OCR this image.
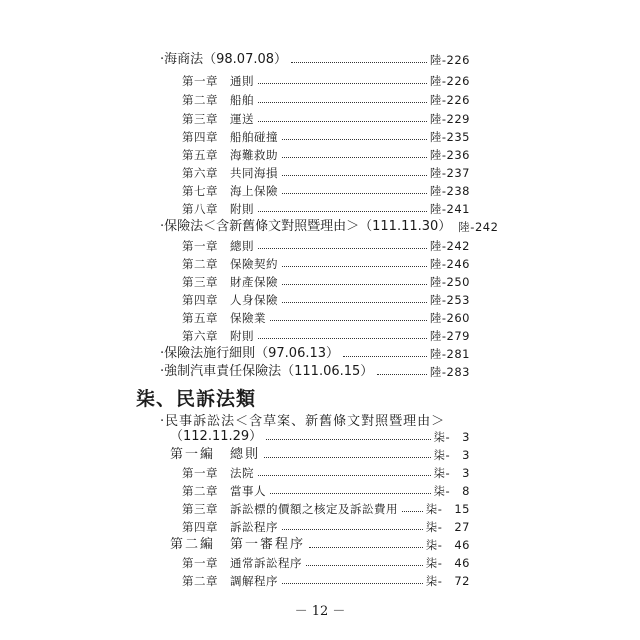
‧海商法（98.07.08）	陸-226
第一章　通則	陸-226
第二章　船舶	陸-226
第三章　運送	陸-229
第四章　船舶碰撞	陸-235
第五章　海難救助	陸-236
第六章　共同海損	陸-237
第七章　海上保險	陸-238
第八章　附則	陸-241
‧保險法＜含新舊條文對照暨理由＞（111.11.30） 陸-242
第一章　總則	陸-242
第二章　保險契約	陸-246
第三章　財產保險	陸-250
第四章　人身保險	陸-253
第五章　保險業	陸-260
第六章　附則	陸-279
‧保險法施行細則（97.06.13）	陸-281
‧強制汽車責任保險法（111.06.15）	陸-283
柒、民訴法類
‧民事訴訟法＜含草案、新舊條文對照暨理由＞
（112.11.29）	柒-　3
第一編　總則	柒-　3
第一章　法院	柒-　3
第二章　當事人	柒-　8
第三章　訴訟標的價額之核定及訴訟費用 柒-　15
第四章　訴訟程序	柒-　27
第二編　第一審程序	柒-　46
第一章　通常訴訟程序	柒-　46
第二章　調解程序	柒-　72
－ 12 －
